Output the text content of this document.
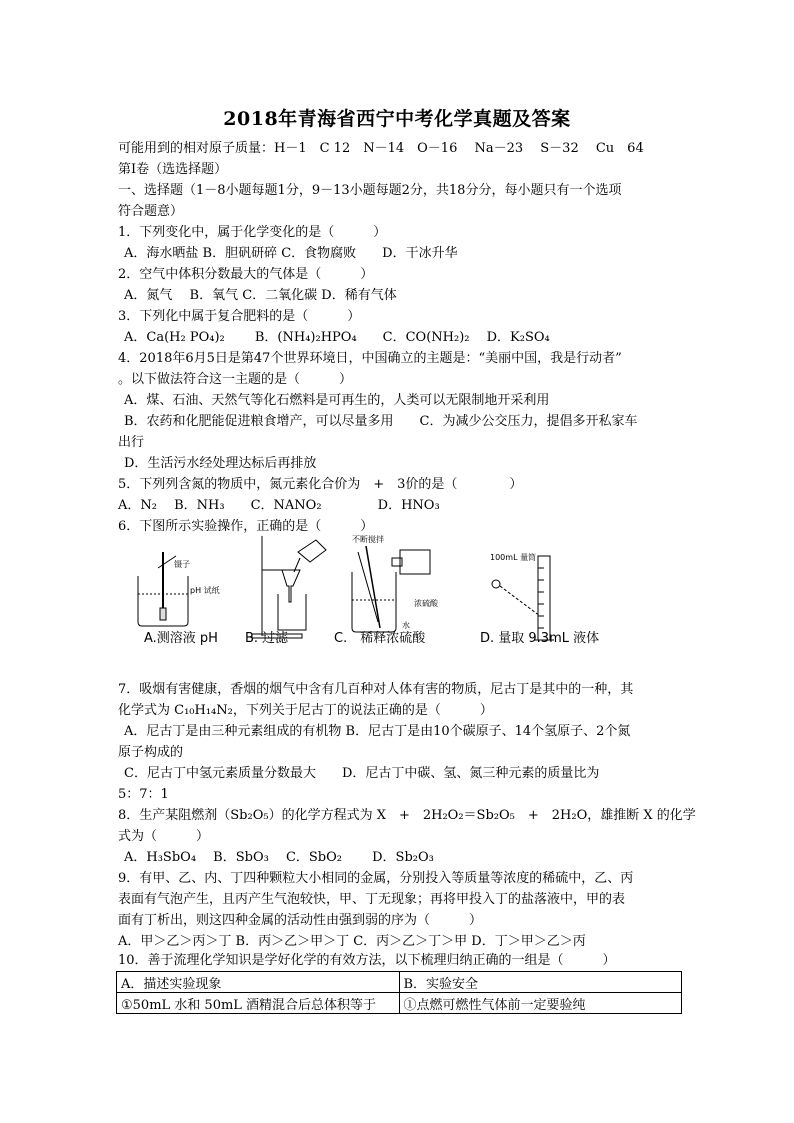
2018年青海省西宁中考化学真题及答案
可能用到的相对原子质量：H－1　C 12　N－14　O－16　 Na－23　 S－32　 Cu　64
第Ⅰ卷（选选择题）
一、选择题（1－8小题每题1分，9－13小题每题2分，共18分分，每小题只有一个选项
符合题意）
1．下列变化中，属于化学变化的是（　　　）
A．海水晒盐 B．胆矾研碎 C．食物腐败　　D．干冰升华
2．空气中体积分数最大的气体是（　　　）
A．氮气　 B．氧气 C．二氧化碳 D．稀有气体
3．下列化中属于复合肥料的是（　　　）
A．Ca(H₂ PO₄)₂　　 B．(NH₄)₂HPO₄　　C．CO(NH₂)₂　 D．K₂SO₄
4．2018年6月5日是第47个世界环境日，中国确立的主题是：“美丽中国，我是行动者”
。以下做法符合这一主题的是（　　　）
A．煤、石油、天然气等化石燃料是可再生的，人类可以无限制地开采利用
B．农药和化肥能促进粮食增产，可以尽量多用　　C．为减少公交压力，提倡多开私家车
出行
D．生活污水经处理达标后再排放
5．下列列含氮的物质中，氮元素化合价为　+　3价的是（　　　　）
A．N₂　 B．NH₃　　C．NANO₂　　　　 D．HNO₃
6．下图所示实验操作，正确的是（　　　）
镊子
pH 试纸
不断搅拌
浓硫酸
水
100mL 量筒
A.测溶液 pH B. 过滤	C.　稀释浓硫酸	D. 量取 9.3mL 液体
7．吸烟有害健康，香烟的烟气中含有几百种对人体有害的物质，尼古丁是其中的一种，其
化学式为 C₁₀H₁₄N₂，下列关于尼古丁的说法正确的是（　　　）
A．尼古丁是由三种元素组成的有机物 B．尼古丁是由10个碳原子、14个氢原子、2个氮
原子构成的
C．尼古丁中氢元素质量分数最大　　D．尼古丁中碳、氢、氮三种元素的质量比为
5：7：1
8．生产某阻燃剂（Sb₂O₅）的化学方程式为 X　+　2H₂O₂＝Sb₂O₅　+　2H₂O，雄推断 X 的化学
式为（　　　）
A．H₃SbO₄　 B．SbO₃　 C．SbO₂　　 D．Sb₂O₃
9．有甲、乙、内、丁四种颗粒大小相同的金属，分别投入等质量等浓度的稀硫中，乙、丙
表面有气泡产生，且丙产生气泡较快，甲、丁无现象；再将甲投入丁的盐落液中，甲的表
面有丁析出，则这四种金属的活动性由强到弱的序为（　　　）
A．甲＞乙＞丙＞丁 B．丙＞乙＞甲＞丁 C．丙＞乙＞丁＞甲 D．丁＞甲＞乙＞丙
10．善于流理化学知识是学好化学的有效方法，以下梳理归纳正确的一组是（　　　）
A．描述实验现象	B．实验安全
①50mL 水和 50mL 酒精混合后总体积等于	①点燃可燃性气体前一定要验纯
